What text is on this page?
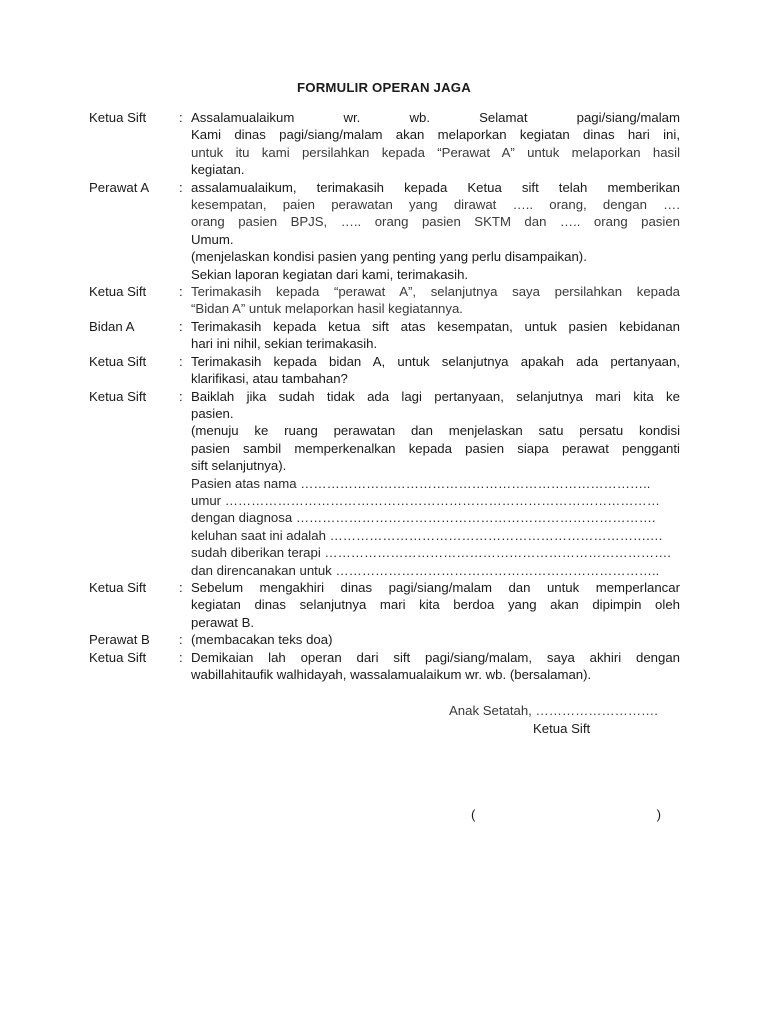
FORMULIR OPERAN JAGA
Ketua Sift	: Assalamualaikum wr. wb. Selamat pagi/siang/malam
Kami dinas pagi/siang/malam akan melaporkan kegiatan dinas hari ini,
untuk itu kami persilahkan kepada “Perawat A” untuk melaporkan hasil
kegiatan.
Perawat A	: assalamualaikum, terimakasih kepada Ketua sift telah memberikan
kesempatan, paien perawatan yang dirawat ….. orang, dengan ….
orang pasien BPJS, ….. orang pasien SKTM dan ….. orang pasien
Umum.
(menjelaskan kondisi pasien yang penting yang perlu disampaikan).
Sekian laporan kegiatan dari kami, terimakasih.
Ketua Sift	: Terimakasih kepada “perawat A”, selanjutnya saya persilahkan kepada
“Bidan A” untuk melaporkan hasil kegiatannya.
Bidan A	: Terimakasih kepada ketua sift atas kesempatan, untuk pasien kebidanan
hari ini nihil, sekian terimakasih.
Ketua Sift	: Terimakasih kepada bidan A, untuk selanjutnya apakah ada pertanyaan,
klarifikasi, atau tambahan?
Ketua Sift	: Baiklah jika sudah tidak ada lagi pertanyaan, selanjutnya mari kita ke
pasien.
(menuju ke ruang perawatan dan menjelaskan satu persatu kondisi
pasien sambil memperkenalkan kepada pasien siapa perawat pengganti
sift selanjutnya).
Pasien atas nama ……………………………………………………………………..
umur ………………………………………………………………………………………
dengan diagnosa ……………………………………………………………………….
keluhan saat ini adalah ……………………………………………………………….…
sudah diberikan terapi …………………………………………………………………….
dan direncanakan untuk ………………………………………………………………..
Ketua Sift	: Sebelum mengakhiri dinas pagi/siang/malam dan untuk memperlancar
kegiatan dinas selanjutnya mari kita berdoa yang akan dipimpin oleh
perawat B.
Perawat B	: (membacakan teks doa)
Ketua Sift	: Demikaian lah operan dari sift pagi/siang/malam, saya akhiri dengan
wabillahitaufik walhidayah, wassalamualaikum wr. wb. (bersalaman).
Anak Setatah, ……………………….
Ketua Sift
(	)
